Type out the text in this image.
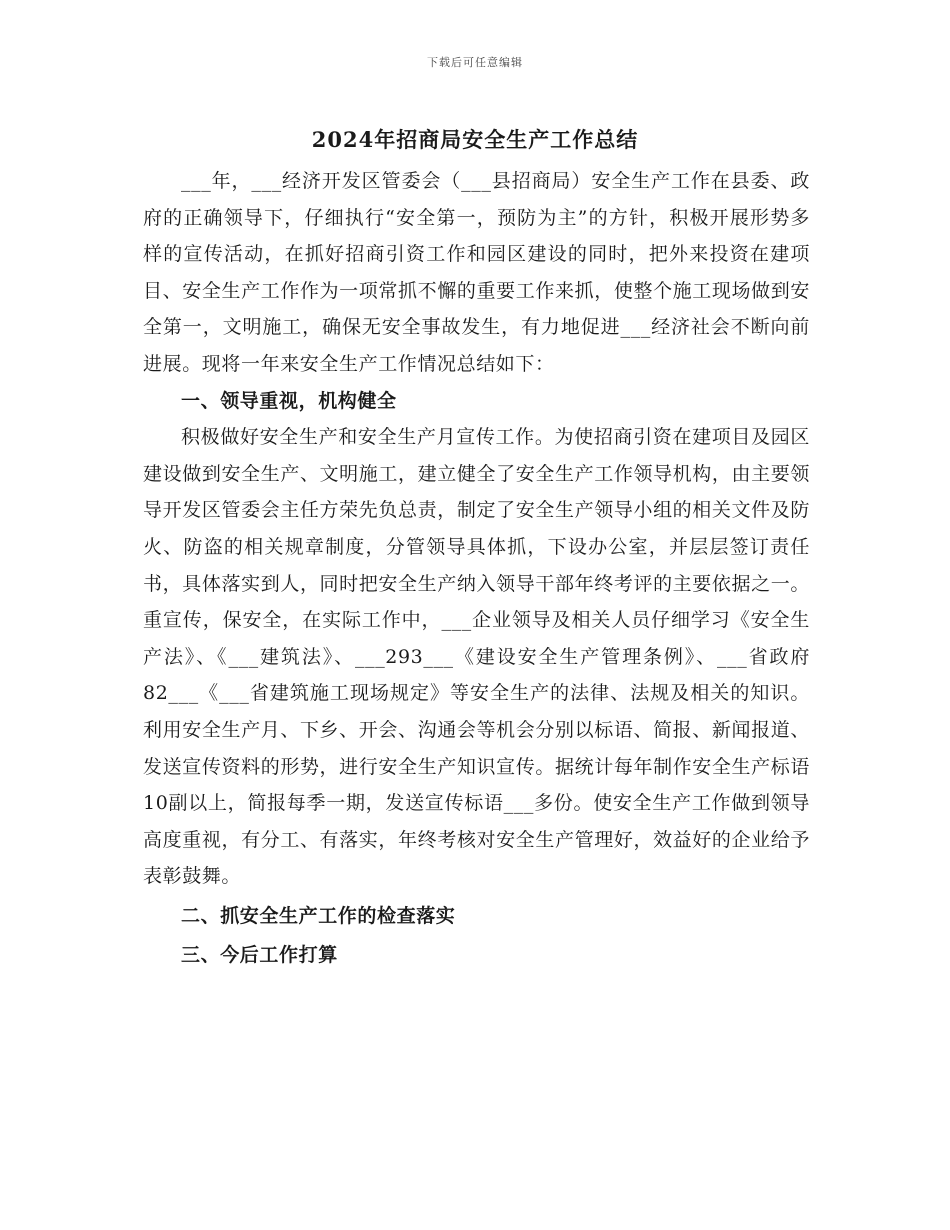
下载后可任意编辑
2024年招商局安全生产工作总结

___年，___经济开发区管委会（___县招商局）安全生产工作在县委、政府的正确领导下，仔细执行“安全第一，预防为主”的方针，积极开展形势多样的宣传活动，在抓好招商引资工作和园区建设的同时，把外来投资在建项目、安全生产工作作为一项常抓不懈的重要工作来抓，使整个施工现场做到安全第一，文明施工，确保无安全事故发生，有力地促进___经济社会不断向前进展。现将一年来安全生产工作情况总结如下：

一、领导重视，机构健全

积极做好安全生产和安全生产月宣传工作。为使招商引资在建项目及园区建设做到安全生产、文明施工，建立健全了安全生产工作领导机构，由主要领导开发区管委会主任方荣先负总责，制定了安全生产领导小组的相关文件及防火、防盗的相关规章制度，分管领导具体抓，下设办公室，并层层签订责任书，具体落实到人，同时把安全生产纳入领导干部年终考评的主要依据之一。重宣传，保安全，在实际工作中，___企业领导及相关人员仔细学习《安全生产法》、《___建筑法》、___293___《建设安全生产管理条例》、___省政府82___《___省建筑施工现场规定》等安全生产的法律、法规及相关的知识。利用安全生产月、下乡、开会、沟通会等机会分别以标语、简报、新闻报道、发送宣传资料的形势，进行安全生产知识宣传。据统计每年制作安全生产标语10副以上，简报每季一期，发送宣传标语___多份。使安全生产工作做到领导高度重视，有分工、有落实，年终考核对安全生产管理好，效益好的企业给予表彰鼓舞。

二、抓安全生产工作的检查落实

三、今后工作打算
